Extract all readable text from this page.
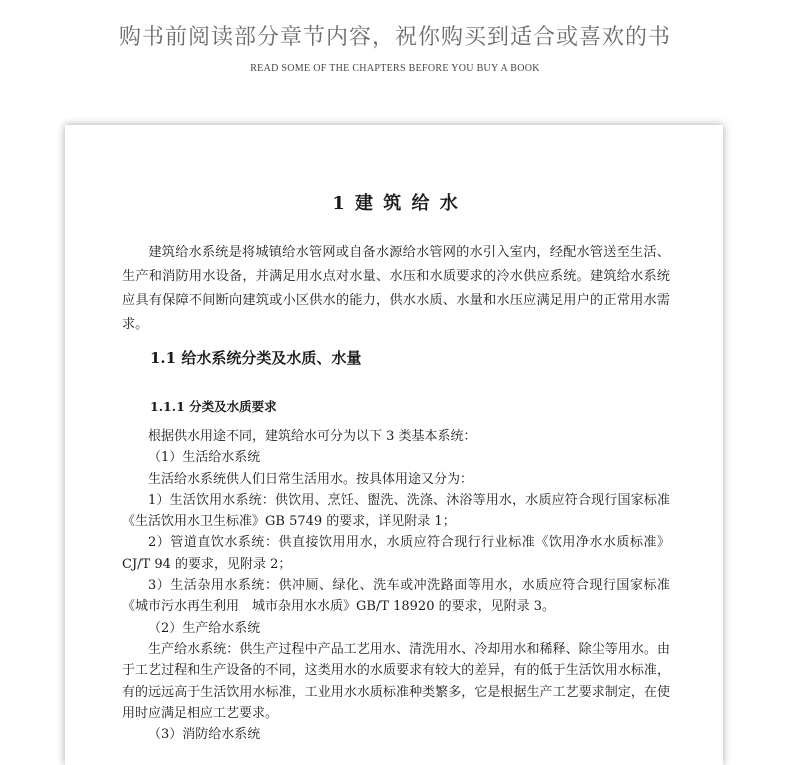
购书前阅读部分章节内容，祝你购买到适合或喜欢的书
READ SOME OF THE CHAPTERS BEFORE YOU BUY A BOOK
1 建 筑 给 水

建筑给水系统是将城镇给水管网或自备水源给水管网的水引入室内，经配水管送至生活、生产和消防用水设备，并满足用水点对水量、水压和水质要求的冷水供应系统。建筑给水系统应具有保障不间断向建筑或小区供水的能力，供水水质、水量和水压应满足用户的正常用水需求。

1.1 给水系统分类及水质、水量
1.1.1 分类及水质要求

根据供水用途不同，建筑给水可分为以下 3 类基本系统：

（1）生活给水系统

生活给水系统供人们日常生活用水。按具体用途又分为：

1）生活饮用水系统：供饮用、烹饪、盥洗、洗涤、沐浴等用水，水质应符合现行国家标准《生活饮用水卫生标准》GB 5749 的要求，详见附录 1；

2）管道直饮水系统：供直接饮用用水，水质应符合现行行业标准《饮用净水水质标准》CJ/T 94 的要求，见附录 2；

3）生活杂用水系统：供冲厕、绿化、洗车或冲洗路面等用水，水质应符合现行国家标准《城市污水再生利用　城市杂用水水质》GB/T 18920 的要求，见附录 3。

（2）生产给水系统

生产给水系统：供生产过程中产品工艺用水、清洗用水、冷却用水和稀释、除尘等用水。由于工艺过程和生产设备的不同，这类用水的水质要求有较大的差异，有的低于生活饮用水标准，有的远远高于生活饮用水标准，工业用水水质标准种类繁多，它是根据生产工艺要求制定，在使用时应满足相应工艺要求。

（3）消防给水系统
